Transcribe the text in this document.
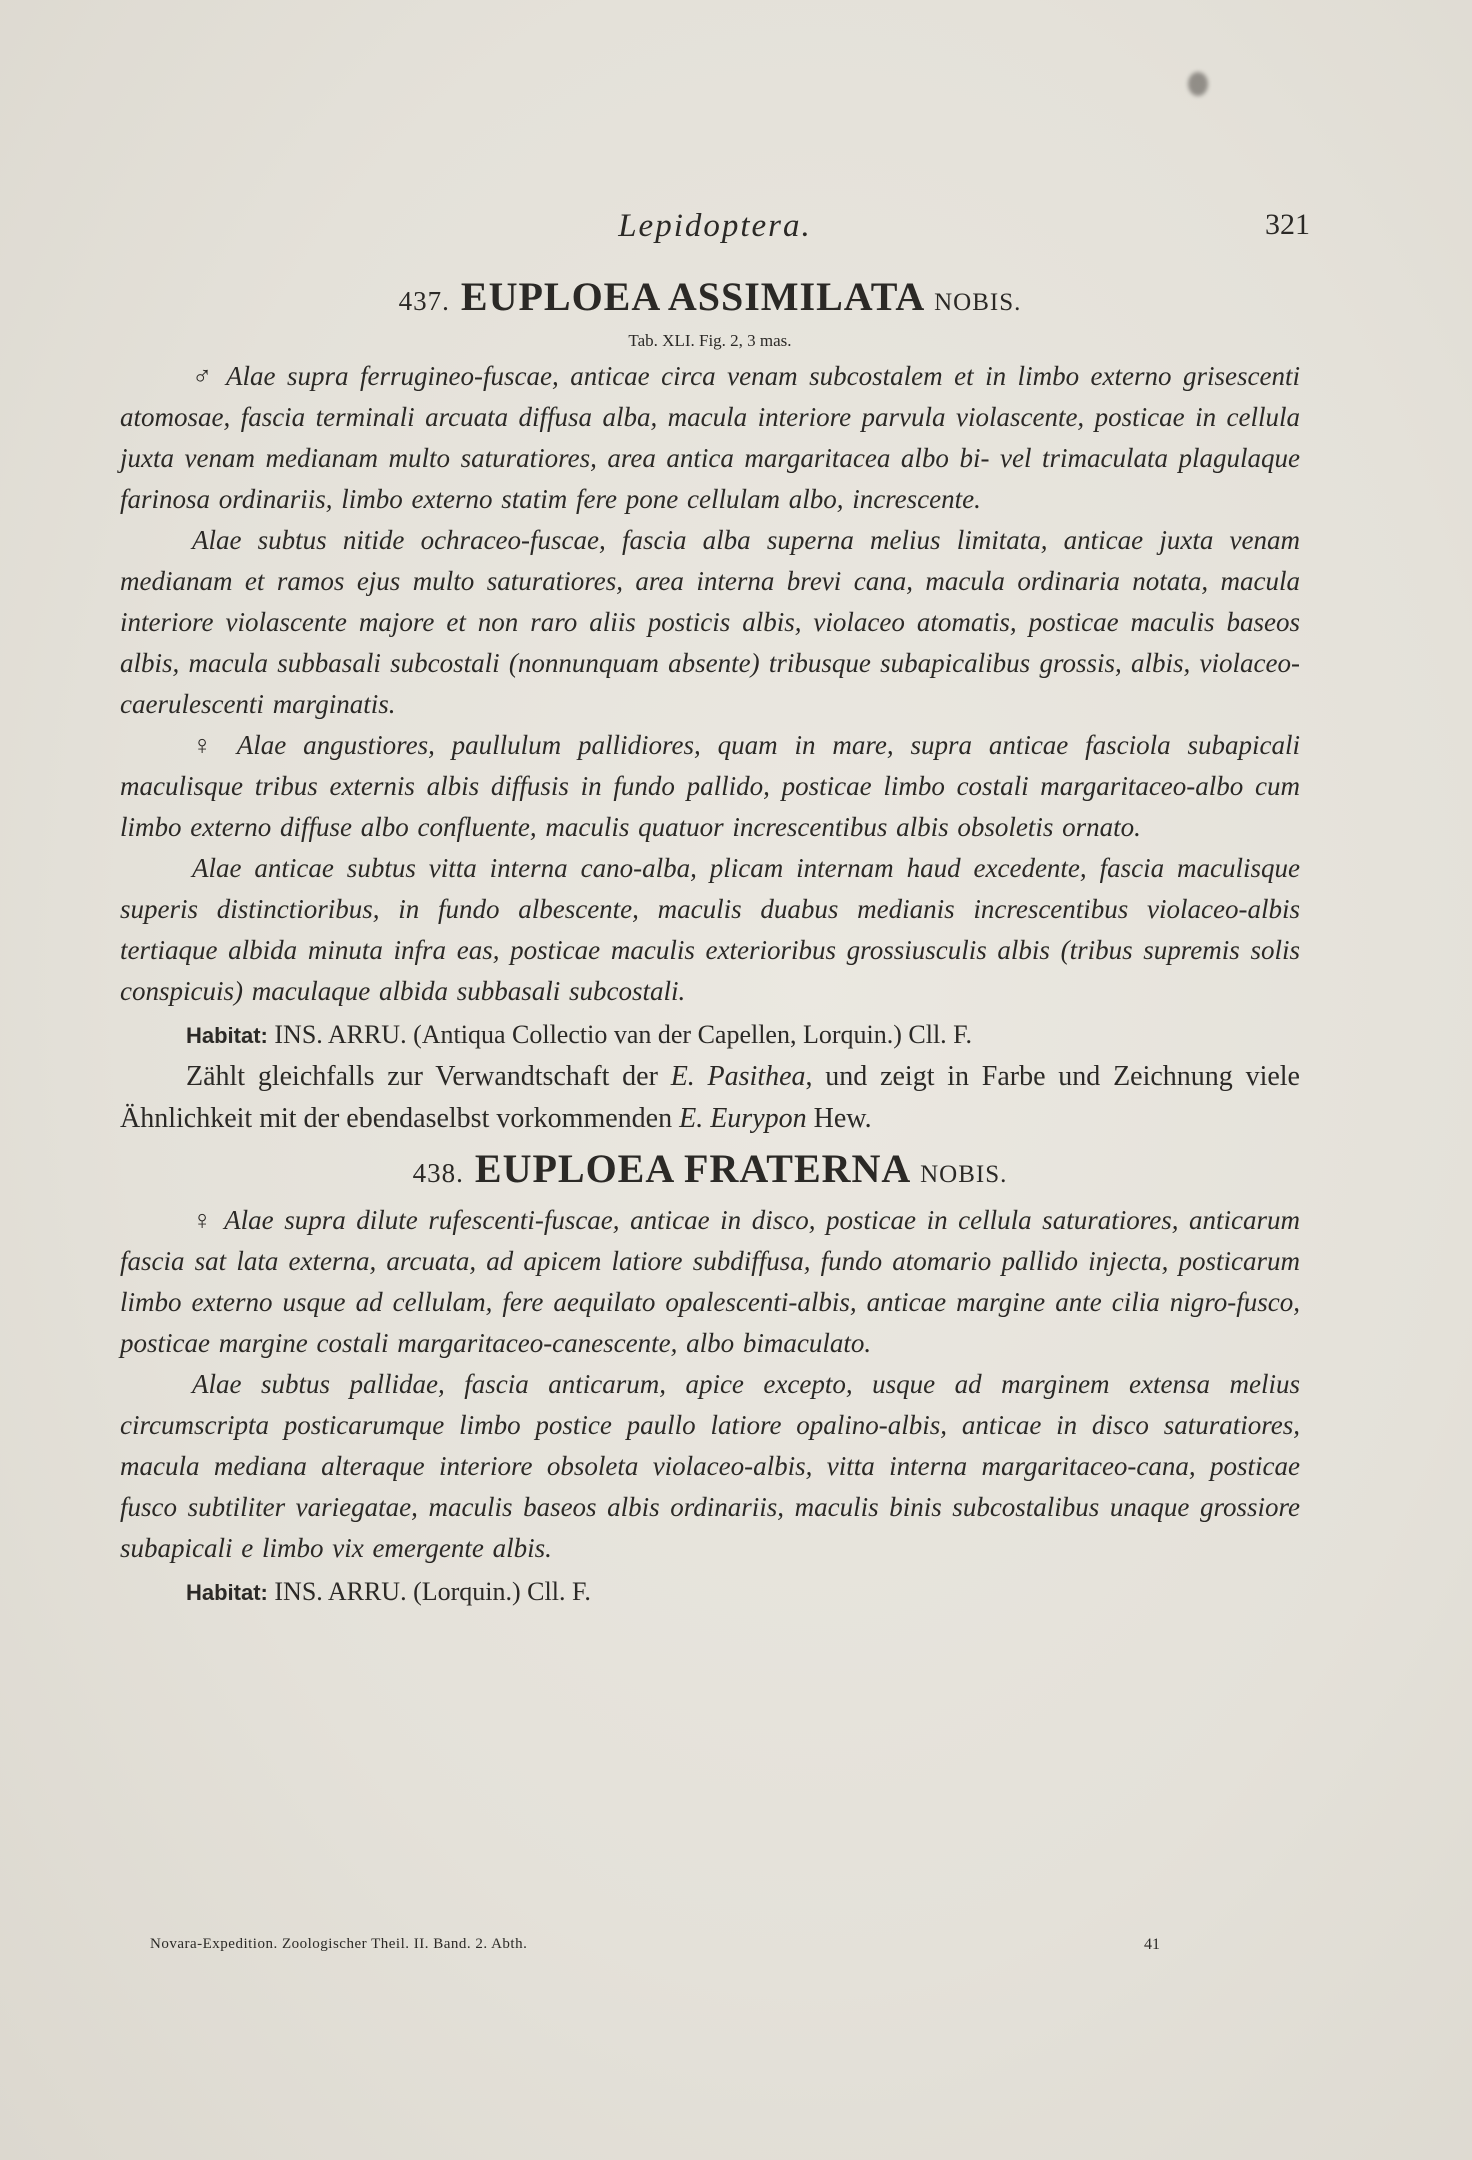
Lepidoptera.	321
437. EUPLOEA ASSIMILATA NOBIS.

Tab. XLI. Fig. 2, 3 mas.

♂ Alae supra ferrugineo-fuscae, anticae circa venam subcostalem et in limbo externo grisescenti atomosae, fascia terminali arcuata diffusa alba, macula interiore parvula violascente, posticae in cellula juxta venam medianam multo saturatiores, area antica margaritacea albo bi- vel trimaculata plagulaque farinosa ordinariis, limbo externo statim fere pone cellulam albo, increscente.

Alae subtus nitide ochraceo-fuscae, fascia alba superna melius limitata, anticae juxta venam medianam et ramos ejus multo saturatiores, area interna brevi cana, macula ordinaria notata, macula interiore violascente majore et non raro aliis posticis albis, violaceo atomatis, posticae maculis baseos albis, macula subbasali subcostali (nonnunquam absente) tribusque subapicalibus grossis, albis, violaceo-caerulescenti marginatis.

♀ Alae angustiores, paullulum pallidiores, quam in mare, supra anticae fasciola subapicali maculisque tribus externis albis diffusis in fundo pallido, posticae limbo costali margaritaceo-albo cum limbo externo diffuse albo confluente, maculis quatuor increscentibus albis obsoletis ornato.

Alae anticae subtus vitta interna cano-alba, plicam internam haud excedente, fascia maculisque superis distinctioribus, in fundo albescente, maculis duabus medianis increscentibus violaceo-albis tertiaque albida minuta infra eas, posticae maculis exterioribus grossiusculis albis (tribus supremis solis conspicuis) maculaque albida subbasali subcostali.

Habitat: INS. ARRU. (Antiqua Collectio van der Capellen, Lorquin.) Cll. F.

Zählt gleichfalls zur Verwandtschaft der E. Pasithea, und zeigt in Farbe und Zeichnung viele Ähnlichkeit mit der ebendaselbst vorkommenden E. Eurypon Hew.

438. EUPLOEA FRATERNA NOBIS.

♀ Alae supra dilute rufescenti-fuscae, anticae in disco, posticae in cellula saturatiores, anticarum fascia sat lata externa, arcuata, ad apicem latiore subdiffusa, fundo atomario pallido injecta, posticarum limbo externo usque ad cellulam, fere aequilato opalescenti-albis, anticae margine ante cilia nigro-fusco, posticae margine costali margaritaceo-canescente, albo bimaculato.

Alae subtus pallidae, fascia anticarum, apice excepto, usque ad marginem extensa melius circumscripta posticarumque limbo postice paullo latiore opalino-albis, anticae in disco saturatiores, macula mediana alteraque interiore obsoleta violaceo-albis, vitta interna margaritaceo-cana, posticae fusco subtiliter variegatae, maculis baseos albis ordinariis, maculis binis subcostalibus unaque grossiore subapicali e limbo vix emergente albis.

Habitat: INS. ARRU. (Lorquin.) Cll. F.

Novara-Expedition. Zoologischer Theil. II. Band. 2. Abth.	41
